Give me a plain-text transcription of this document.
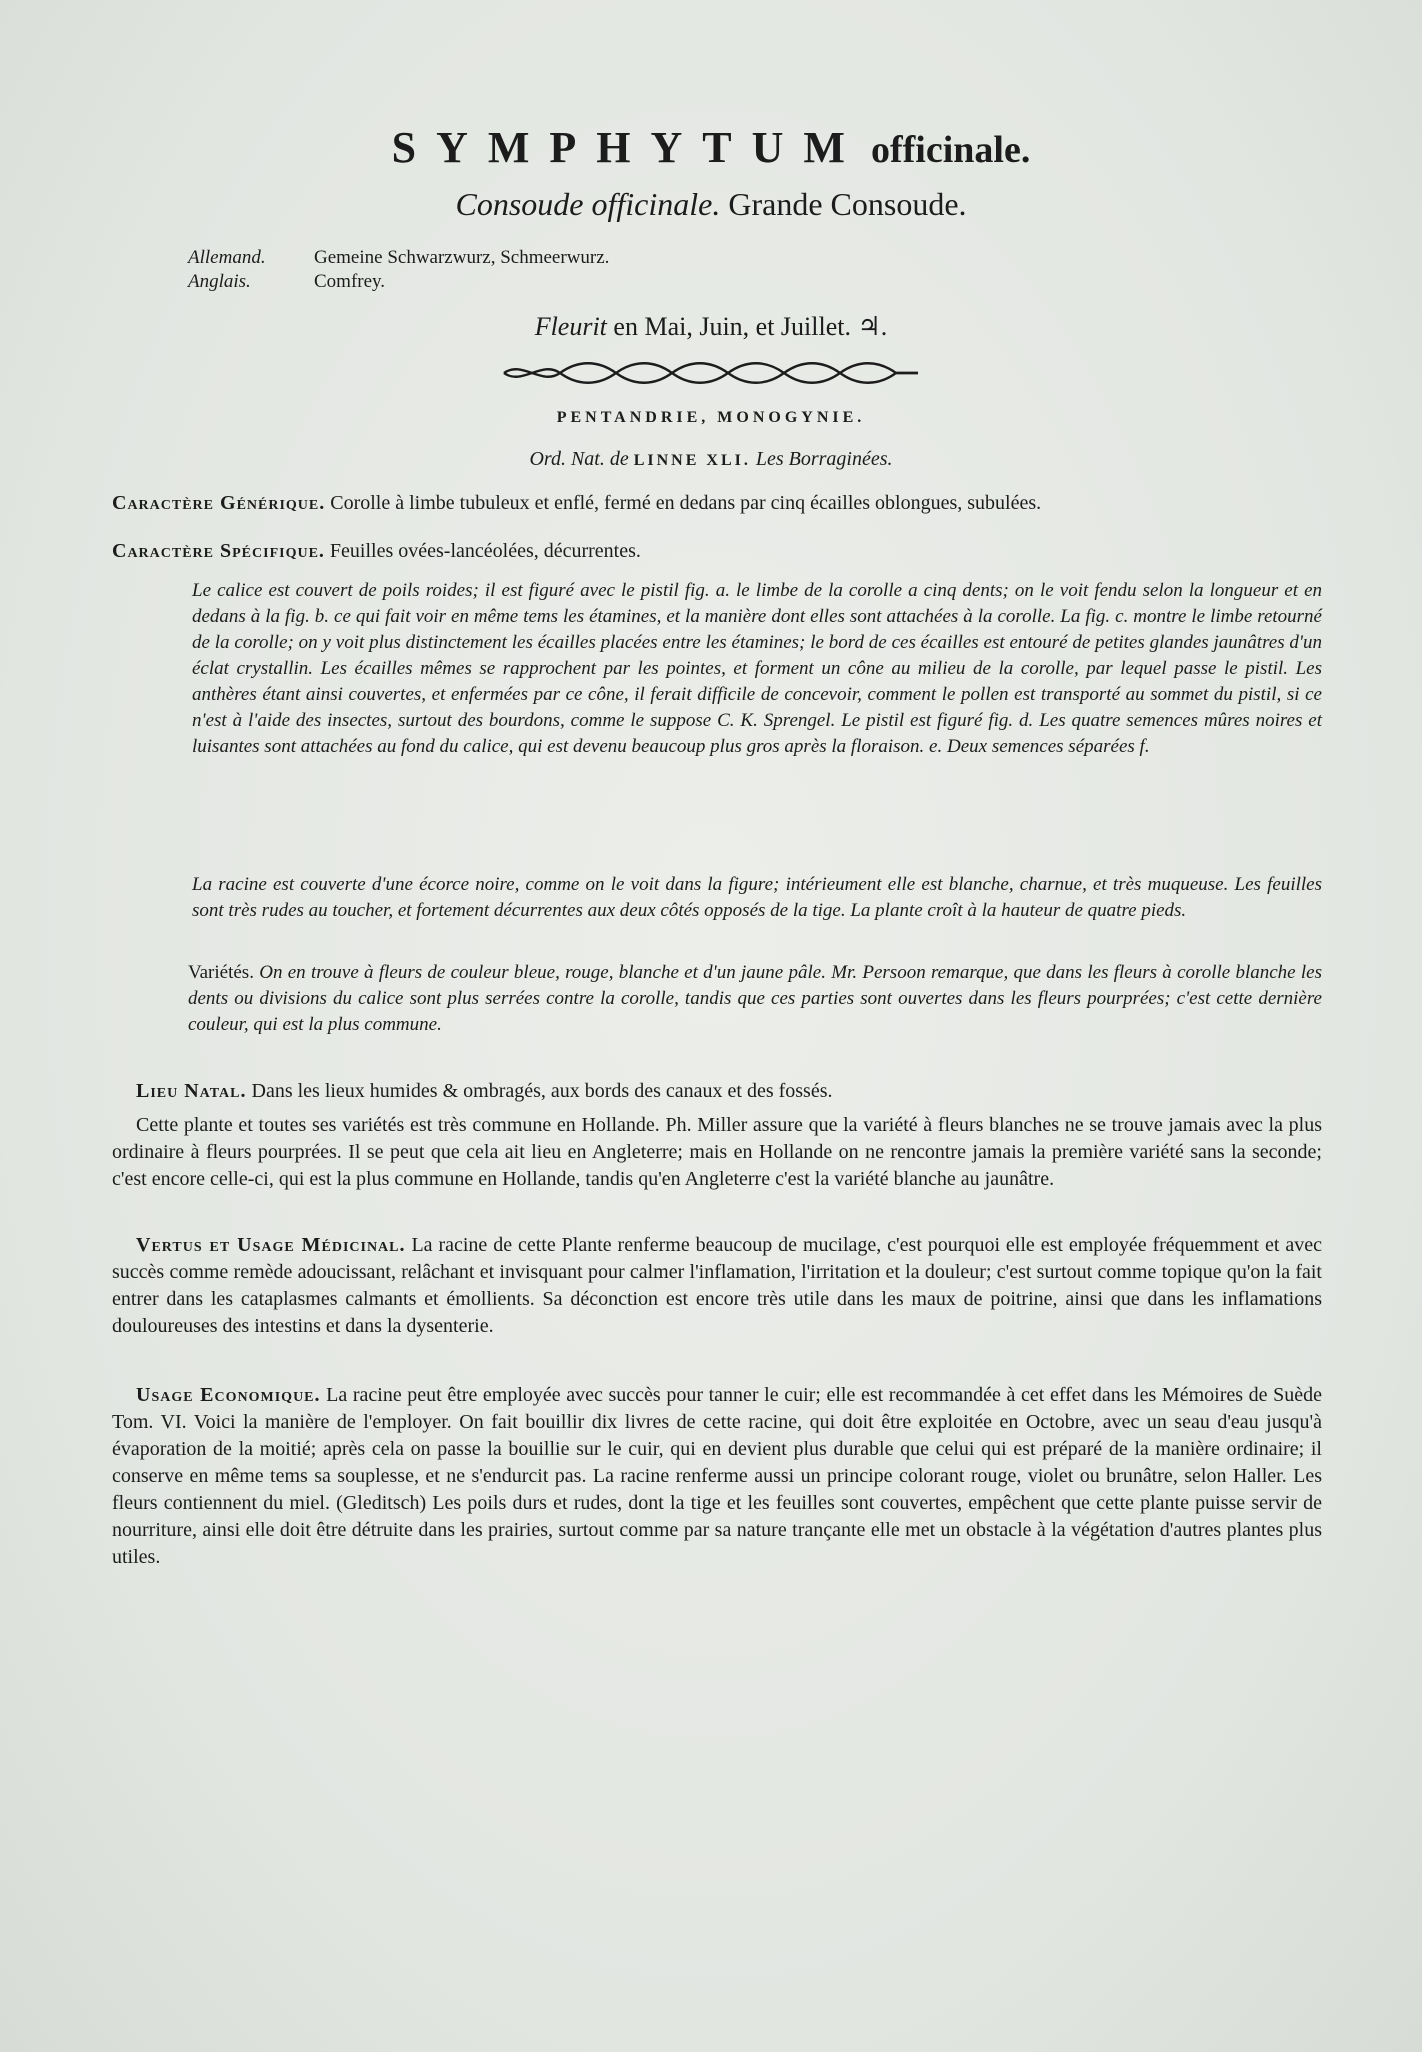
SYMPHYTUM officinale.
Consoude officinale. Grande Consoude.
Allemand.	Gemeine Schwarzwurz, Schmeerwurz.
Anglais.	Comfrey.
Fleurit en Mai, Juin, et Juillet. ♃.
PENTANDRIE, MONOGYNIE.
Ord. Nat. de LINNE XLI. Les Borraginées.

Caractère Générique. Corolle à limbe tubuleux et enflé, fermé en dedans par cinq écailles oblongues, subulées.

Caractère Spécifique. Feuilles ovées-lancéolées, décurrentes.

Le calice est couvert de poils roides; il est figuré avec le pistil fig. a. le limbe de la corolle a cinq dents; on le voit fendu selon la longueur et en dedans à la fig. b. ce qui fait voir en même tems les étamines, et la manière dont elles sont attachées à la corolle. La fig. c. montre le limbe retourné de la corolle; on y voit plus distinctement les écailles placées entre les étamines; le bord de ces écailles est entouré de petites glandes jaunâtres d'un éclat crystallin. Les écailles mêmes se rapprochent par les pointes, et forment un cône au milieu de la corolle, par lequel passe le pistil. Les anthères étant ainsi couvertes, et enfermées par ce cône, il ferait difficile de concevoir, comment le pollen est transporté au sommet du pistil, si ce n'est à l'aide des insectes, surtout des bourdons, comme le suppose C. K. Sprengel. Le pistil est figuré fig. d. Les quatre semences mûres noires et luisantes sont attachées au fond du calice, qui est devenu beaucoup plus gros après la floraison. e. Deux semences séparées f.

La racine est couverte d'une écorce noire, comme on le voit dans la figure; intérieument elle est blanche, charnue, et très muqueuse. Les feuilles sont très rudes au toucher, et fortement décurrentes aux deux côtés opposés de la tige. La plante croît à la hauteur de quatre pieds.

Variétés. On en trouve à fleurs de couleur bleue, rouge, blanche et d'un jaune pâle. Mr. Persoon remarque, que dans les fleurs à corolle blanche les dents ou divisions du calice sont plus serrées contre la corolle, tandis que ces parties sont ouvertes dans les fleurs pourprées; c'est cette dernière couleur, qui est la plus commune.

Lieu Natal. Dans les lieux humides & ombragés, aux bords des canaux et des fossés.

Cette plante et toutes ses variétés est très commune en Hollande. Ph. Miller assure que la variété à fleurs blanches ne se trouve jamais avec la plus ordinaire à fleurs pourprées. Il se peut que cela ait lieu en Angleterre; mais en Hollande on ne rencontre jamais la première variété sans la seconde; c'est encore celle-ci, qui est la plus commune en Hollande, tandis qu'en Angleterre c'est la variété blanche au jaunâtre.

Vertus et Usage Médicinal. La racine de cette Plante renferme beaucoup de mucilage, c'est pourquoi elle est employée fréquemment et avec succès comme remède adoucissant, relâchant et invisquant pour calmer l'inflamation, l'irritation et la douleur; c'est surtout comme topique qu'on la fait entrer dans les cataplasmes calmants et émollients. Sa déconction est encore très utile dans les maux de poitrine, ainsi que dans les inflamations douloureuses des intestins et dans la dysenterie.

Usage Economique. La racine peut être employée avec succès pour tanner le cuir; elle est recommandée à cet effet dans les Mémoires de Suède Tom. VI. Voici la manière de l'employer. On fait bouillir dix livres de cette racine, qui doit être exploitée en Octobre, avec un seau d'eau jusqu'à évaporation de la moitié; après cela on passe la bouillie sur le cuir, qui en devient plus durable que celui qui est préparé de la manière ordinaire; il conserve en même tems sa souplesse, et ne s'endurcit pas. La racine renferme aussi un principe colorant rouge, violet ou brunâtre, selon Haller. Les fleurs contiennent du miel. (Gleditsch) Les poils durs et rudes, dont la tige et les feuilles sont couvertes, empêchent que cette plante puisse servir de nourriture, ainsi elle doit être détruite dans les prairies, surtout comme par sa nature trançante elle met un obstacle à la végétation d'autres plantes plus utiles.
